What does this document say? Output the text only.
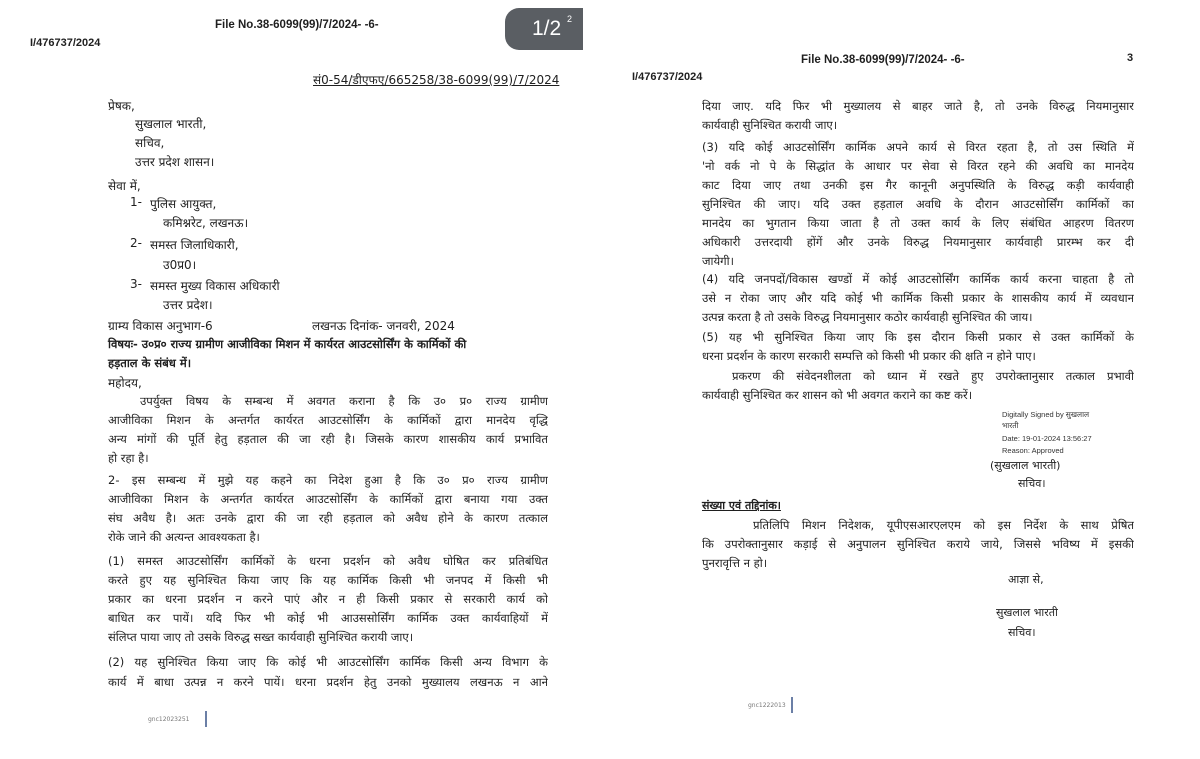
File No.38-6099(99)/7/2024- -6-
I/476737/2024
1/2 2
सं0-54/डीएफए/665258/38-6099(99)/7/2024
प्रेषक,
सुखलाल भारती,
सचिव,
उत्तर प्रदेश शासन।
सेवा में,
1- पुलिस आयुक्त,
कमिश्नरेट, लखनऊ।
2- समस्त जिलाधिकारी,
उ0प्र0।
3- समस्त मुख्य विकास अधिकारी
उत्तर प्रदेश।
ग्राम्य विकास अनुभाग-6	लखनऊ दिनांक- जनवरी, 2024
विषयः- उ०प्र० राज्य ग्रामीण आजीविका मिशन में कार्यरत आउटसोर्सिंग के कार्मिकों की
हड़ताल के संबंध में।
महोदय,
उपर्युक्त विषय के सम्बन्ध में अवगत कराना है कि उ० प्र० राज्य ग्रामीण
आजीविका मिशन के अन्तर्गत कार्यरत आउटसोर्सिंग के कार्मिकों द्वारा मानदेय वृद्धि
अन्य मांगों की पूर्ति हेतु हड़ताल की जा रही है। जिसके कारण शासकीय कार्य प्रभावित
हो रहा है।
2- इस सम्बन्ध में मुझे यह कहने का निदेश हुआ है कि उ० प्र० राज्य ग्रामीण
आजीविका मिशन के अन्तर्गत कार्यरत आउटसोर्सिंग के कार्मिकों द्वारा बनाया गया उक्त
संघ अवैध है। अतः उनके द्वारा की जा रही हड़ताल को अवैध होने के कारण तत्काल
रोके जाने की अत्यन्त आवश्यकता है।
(1) समस्त आउटसोर्सिंग कार्मिकों के धरना प्रदर्शन को अवैध घोषित कर प्रतिबंधित
करते हुए यह सुनिश्चित किया जाए कि यह कार्मिक किसी भी जनपद में किसी भी
प्रकार का धरना प्रदर्शन न करने पाएं और न ही किसी प्रकार से सरकारी कार्य को
बाधित कर पायें। यदि फिर भी कोई भी आउससोर्सिंग कार्मिक उक्त कार्यवाहियों में
संलिप्त पाया जाए तो उसके विरुद्ध सख्त कार्यवाही सुनिश्चित करायी जाए।
(2) यह सुनिश्चित किया जाए कि कोई भी आउटसोर्सिंग कार्मिक किसी अन्य विभाग के
कार्य में बाधा उत्पन्न न करने पायें। धरना प्रदर्शन हेतु उनको मुख्यालय लखनऊ न आने
gnc12023251
File No.38-6099(99)/7/2024- -6-
I/476737/2024
3
दिया जाए. यदि फिर भी मुख्यालय से बाहर जाते है, तो उनके विरुद्ध नियमानुसार
कार्यवाही सुनिश्चित करायी जाए।
(3) यदि कोई आउटसोर्सिंग कार्मिक अपने कार्य से विरत रहता है, तो उस स्थिति में
'नो वर्क नो पे के सिद्धांत के आधार पर सेवा से विरत रहने की अवधि का मानदेय
काट दिया जाए तथा उनकी इस गैर कानूनी अनुपस्थिति के विरुद्ध कड़ी कार्यवाही
सुनिश्चित की जाए। यदि उक्त हड़ताल अवधि के दौरान आउटसोर्सिंग कार्मिकों का
मानदेय का भुगतान किया जाता है तो उक्त कार्य के लिए संबंधित आहरण वितरण
अधिकारी उत्तरदायी होंगें और उनके विरुद्ध नियमानुसार कार्यवाही प्रारम्भ कर दी
जायेगी।
(4) यदि जनपदों/विकास खण्डों में कोई आउटसोर्सिंग कार्मिक कार्य करना चाहता है तो
उसे न रोका जाए और यदि कोई भी कार्मिक किसी प्रकार के शासकीय कार्य में व्यवधान
उत्पन्न करता है तो उसके विरुद्ध नियमानुसार कठोर कार्यवाही सुनिश्चित की जाय।
(5) यह भी सुनिश्चित किया जाए कि इस दौरान किसी प्रकार से उक्त कार्मिकों के
धरना प्रदर्शन के कारण सरकारी सम्पत्ति को किसी भी प्रकार की क्षति न होने पाए।
प्रकरण की संवेदनशीलता को ध्यान में रखते हुए उपरोक्तानुसार तत्काल प्रभावी
कार्यवाही सुनिश्चित कर शासन को भी अवगत कराने का कष्ट करें।
Digitally Signed by सुखलाल
भारती
Date: 19-01-2024 13:56:27
Reason: Approved
(सुखलाल भारती)
सचिव।
संख्या एवं तद्दिनांक।
प्रतिलिपि मिशन निदेशक, यूपीएसआरएलएम को इस निर्देश के साथ प्रेषित
कि उपरोक्तानुसार कड़ाई से अनुपालन सुनिश्चित कराये जाये, जिससे भविष्य में इसकी
पुनरावृत्ति न हो।
आज्ञा से,
सुखलाल भारती
सचिव।
gnc1222013
